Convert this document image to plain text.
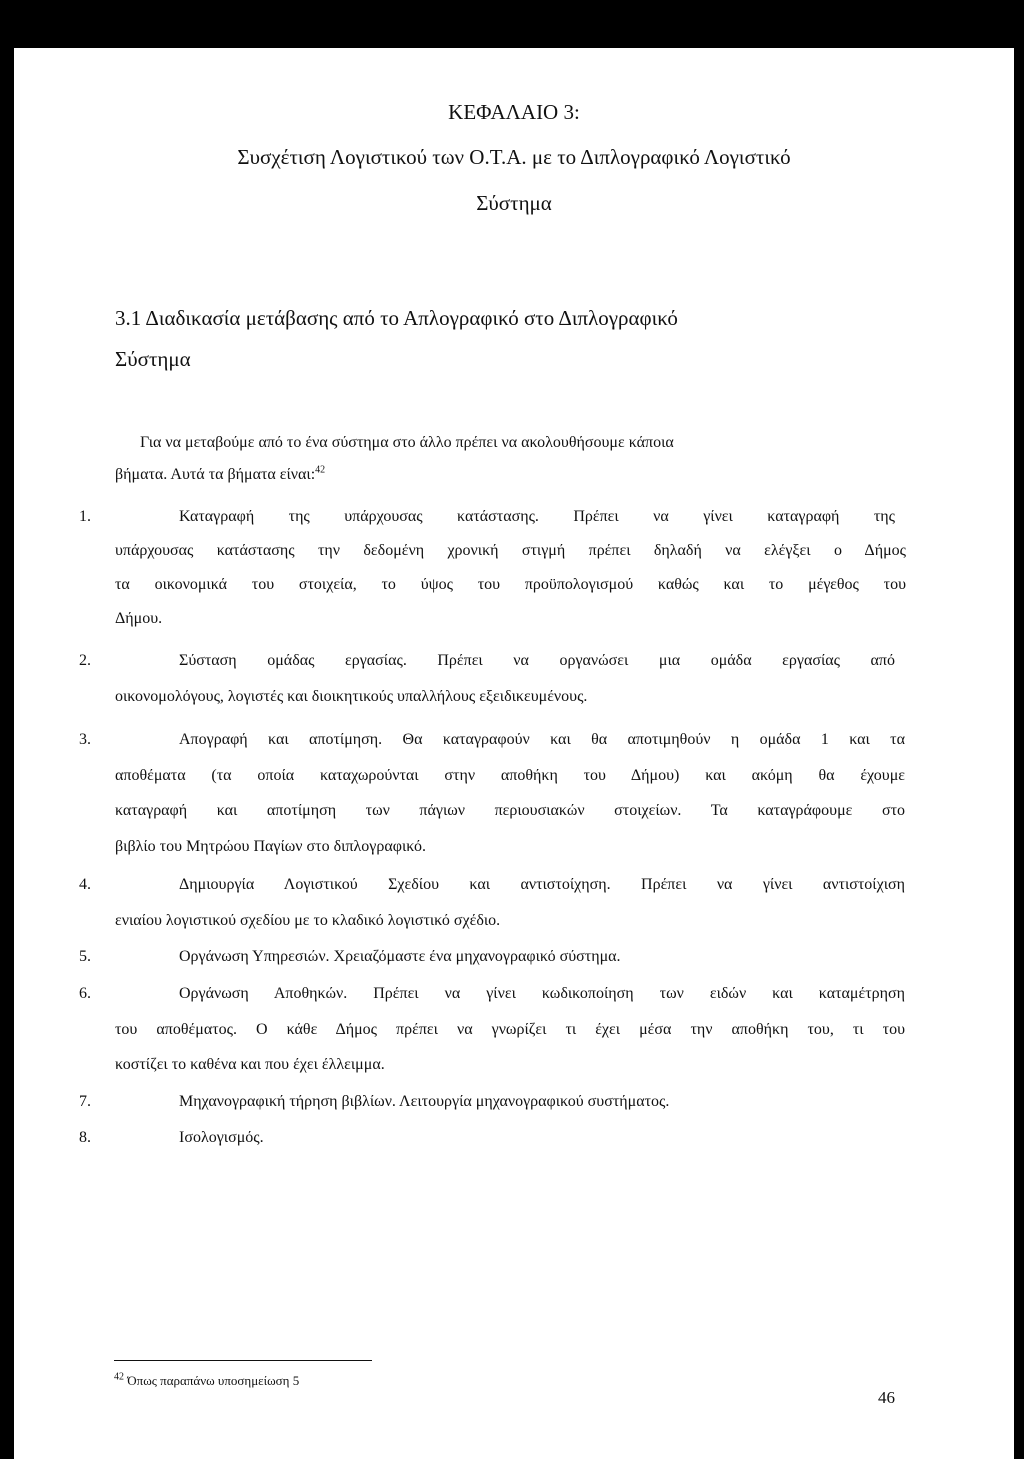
ΚΕΦΑΛΑΙΟ 3:
Συσχέτιση Λογιστικού των Ο.Τ.Α. με το Διπλογραφικό Λογιστικό
Σύστημα
3.1 Διαδικασία μετάβασης από το Απλογραφικό στο Διπλογραφικό
Σύστημα

Για να μεταβούμε από το ένα σύστημα στο άλλο πρέπει να ακολουθήσουμε κάποια

βήματα. Αυτά τα βήματα είναι:$^{42}$

1.	Καταγραφή της υπάρχουσας κατάστασης. Πρέπει να γίνει καταγραφή της
υπάρχουσας κατάστασης την δεδομένη χρονική στιγμή πρέπει δηλαδή να ελέγξει ο Δήμος
τα οικονομικά του στοιχεία, το ύψος του προϋπολογισμού καθώς και το μέγεθος του
Δήμου.
2.	Σύσταση ομάδας εργασίας. Πρέπει να οργανώσει μια ομάδα εργασίας από
οικονομολόγους, λογιστές και διοικητικούς υπαλλήλους εξειδικευμένους.
3.	Απογραφή και αποτίμηση. Θα καταγραφούν και θα αποτιμηθούν η ομάδα 1 και τα
αποθέματα (τα οποία καταχωρούνται στην αποθήκη του Δήμου) και ακόμη θα έχουμε
καταγραφή και αποτίμηση των πάγιων περιουσιακών στοιχείων. Τα καταγράφουμε στο
βιβλίο του Μητρώου Παγίων στο διπλογραφικό.
4.	Δημιουργία Λογιστικού Σχεδίου και αντιστοίχηση. Πρέπει να γίνει αντιστοίχιση
ενιαίου λογιστικού σχεδίου με το κλαδικό λογιστικό σχέδιο.
5.	Οργάνωση Υπηρεσιών. Χρειαζόμαστε ένα μηχανογραφικό σύστημα.
6.	Οργάνωση Αποθηκών. Πρέπει να γίνει κωδικοποίηση των ειδών και καταμέτρηση
του αποθέματος. Ο κάθε Δήμος πρέπει να γνωρίζει τι έχει μέσα την αποθήκη του, τι του
κοστίζει το καθένα και που έχει έλλειμμα.
7.	Μηχανογραφική τήρηση βιβλίων. Λειτουργία μηχανογραφικού συστήματος.
8.	Ισολογισμός.

$^{42}$ Όπως παραπάνω υποσημείωση 5

46
